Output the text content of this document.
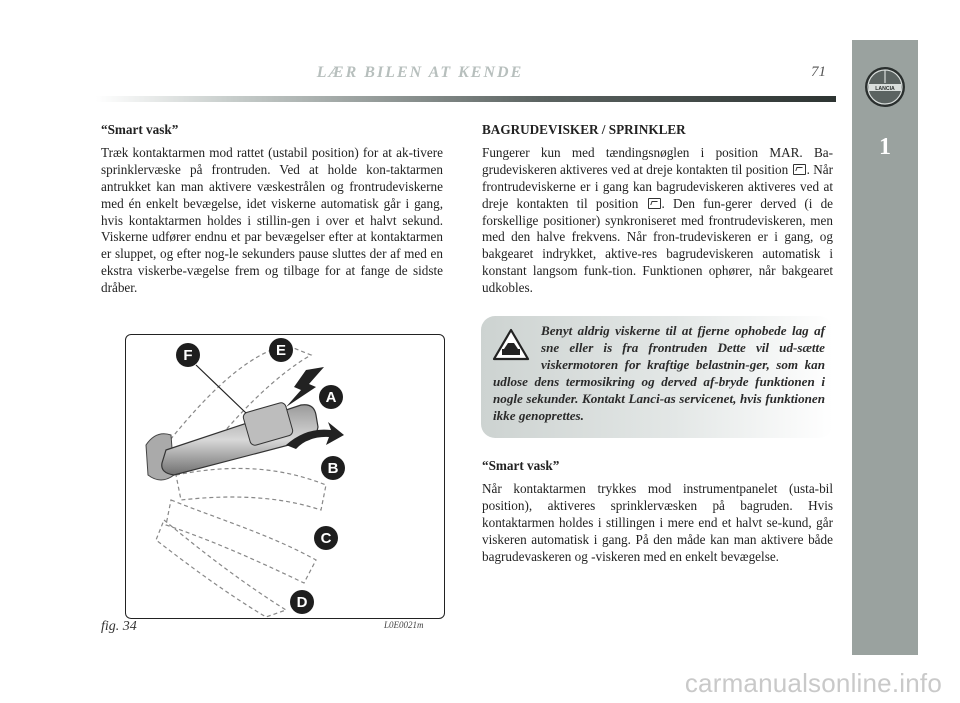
LANCIA
1
LÆR BILEN AT KENDE	71
“Smart vask”

Træk kontaktarmen mod rattet (ustabil position) for at ak-tivere sprinklervæske på frontruden. Ved at holde kon-taktarmen antrukket kan man aktivere væskestrålen og frontrudeviskerne med én enkelt bevægelse, idet viskerne automatisk går i gang, hvis kontaktarmen holdes i stillin-gen i over et halvt sekund. Viskerne udfører endnu et par bevægelser efter at kontaktarmen er sluppet, og efter nog-le sekunders pause sluttes der af med en ekstra viskerbe-vægelse frem og tilbage for at fange de sidste dråber.

F	E
A
B
C
D
fig. 34	L0E0021m
BAGRUDEVISKER / SPRINKLER

Fungerer kun med tændingsnøglen i position MAR. Ba-grudeviskeren aktiveres ved at dreje kontakten til position . Når frontrudeviskerne er i gang kan bagrudeviskeren aktiveres ved at dreje kontakten til position . Den fun-gerer derved (i de forskellige positioner) synkroniseret med frontrudeviskeren, men med den halve frekvens. Når fron-trudeviskeren er i gang, og bakgearet indrykket, aktive-res bagrudeviskeren automatisk i konstant langsom funk-tion. Funktionen ophører, når bakgearet udkobles.

Benyt aldrig viskerne til at fjerne ophobede lag af sne eller is fra frontruden Dette vil ud-sætte viskermotoren for kraftige belastnin-ger, som kan udlose dens termosikring og derved af-bryde funktionen i nogle sekunder. Kontakt Lanci-as servicenet, hvis funktionen ikke genoprettes.
“Smart vask”

Når kontaktarmen trykkes mod instrumentpanelet (usta-bil position), aktiveres sprinklervæsken på bagruden. Hvis kontaktarmen holdes i stillingen i mere end et halvt se-kund, går viskeren automatisk i gang. På den måde kan man aktivere både bagrudevaskeren og -viskeren med en enkelt bevægelse.

carmanualsonline.info
